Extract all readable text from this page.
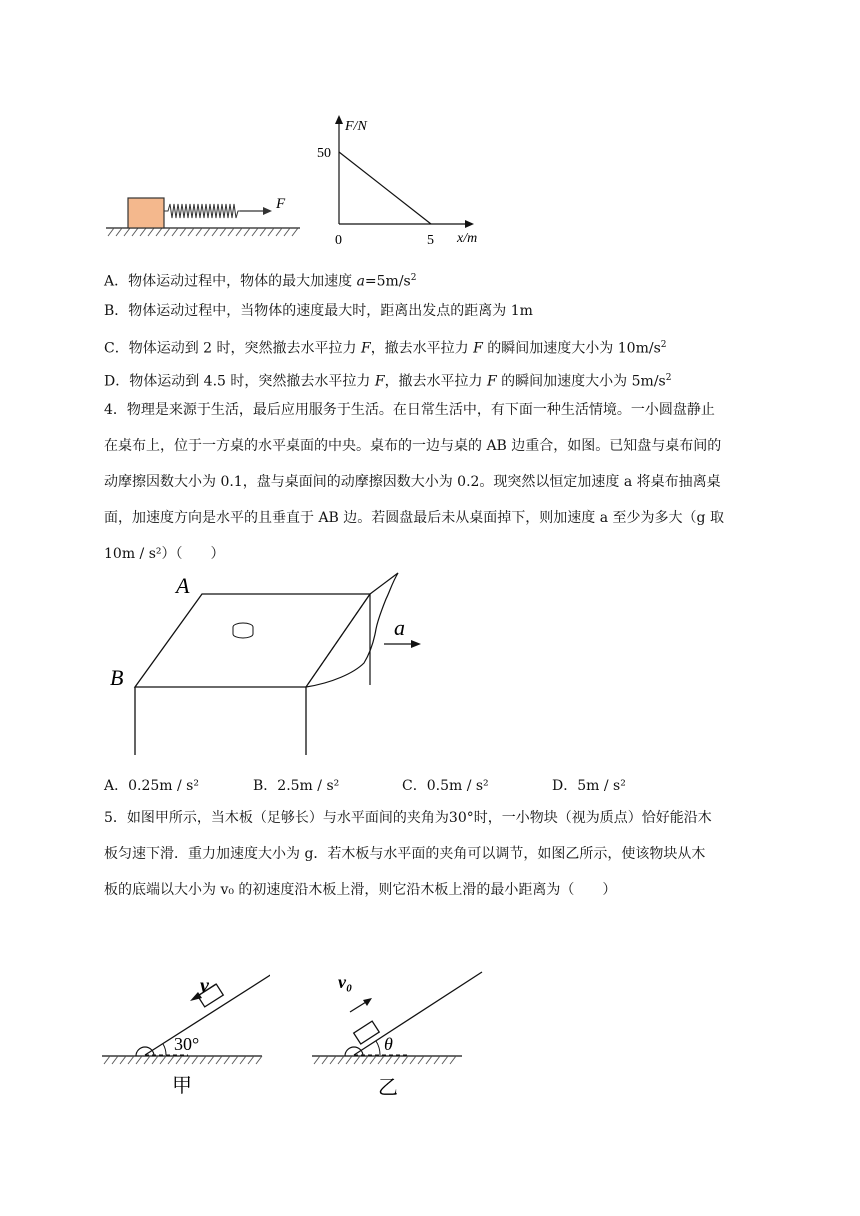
F
F/N
x/m
50
0	5
A．物体运动过程中，物体的最大加速度 $a=5m/s^2$
B．物体运动过程中，当物体的速度最大时，距离出发点的距离为 1m
C．物体运动到 2 时，突然撤去水平拉力 F，撤去水平拉力 F 的瞬间加速度大小为 $10m/s^2$
D．物体运动到 4.5 时，突然撤去水平拉力 F，撤去水平拉力 F 的瞬间加速度大小为 $5m/s^2$
4．物理是来源于生活，最后应用服务于生活。在日常生活中，有下面一种生活情境。一小圆盘静止
在桌布上，位于一方桌的水平桌面的中央。桌布的一边与桌的 AB 边重合，如图。已知盘与桌布间的
动摩擦因数大小为 0.1，盘与桌面间的动摩擦因数大小为 0.2。现突然以恒定加速度 a 将桌布抽离桌
面，加速度方向是水平的且垂直于 AB 边。若圆盘最后未从桌面掉下，则加速度 a 至少为多大（g 取
10m / s²）（　　）
A
B
a
A．0.25m / s²	B．2.5m / s²	C．0.5m / s²	D．5m / s²
5．如图甲所示，当木板（足够长）与水平面间的夹角为30°时，一小物块（视为质点）恰好能沿木
板匀速下滑．重力加速度大小为 g．若木板与水平面的夹角可以调节，如图乙所示，使该物块从木
板的底端以大小为 v₀ 的初速度沿木板上滑，则它沿木板上滑的最小距离为（　　）
v
30°
甲
v₀
θ
乙
